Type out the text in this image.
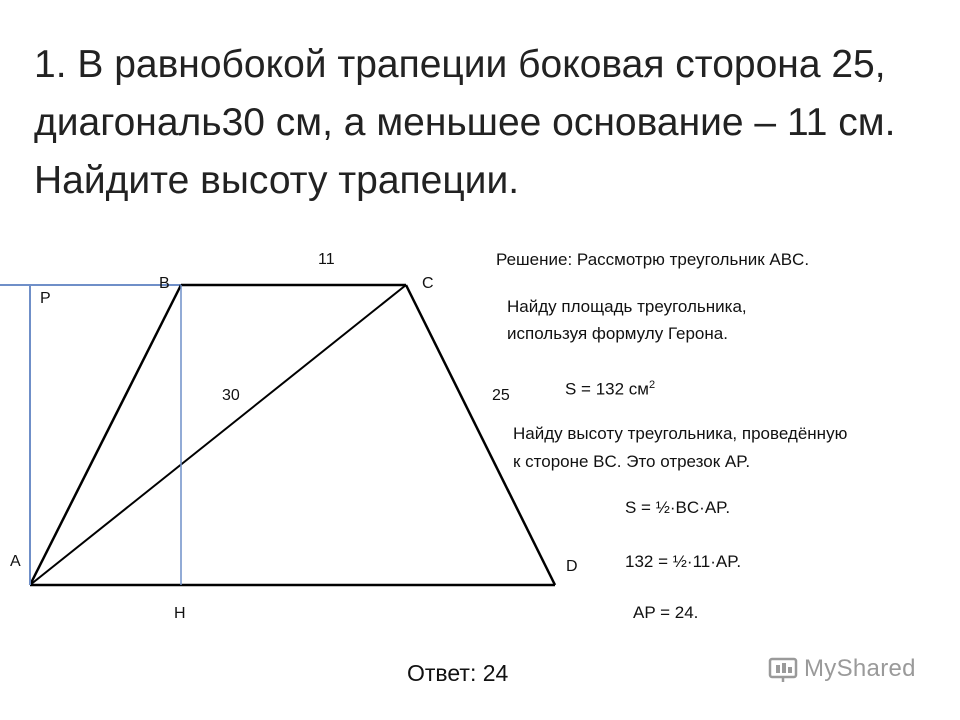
1. В равнобокой трапеции боковая сторона 25, диагональ30 см, а меньшее основание – 11 см. Найдите высоту трапеции.
A
B	C
D
P
H
11
30	25
Решение: Рассмотрю треугольник ABC.
Найду площадь треугольника,
используя формулу Герона.
S = 132 $см^2$
Найду высоту треугольника, проведённую
к стороне BC. Это отрезок AP.
S = ½·BC·AP.
132 = ½·11·AP.
AP = 24.
Ответ: 24	MyShared
